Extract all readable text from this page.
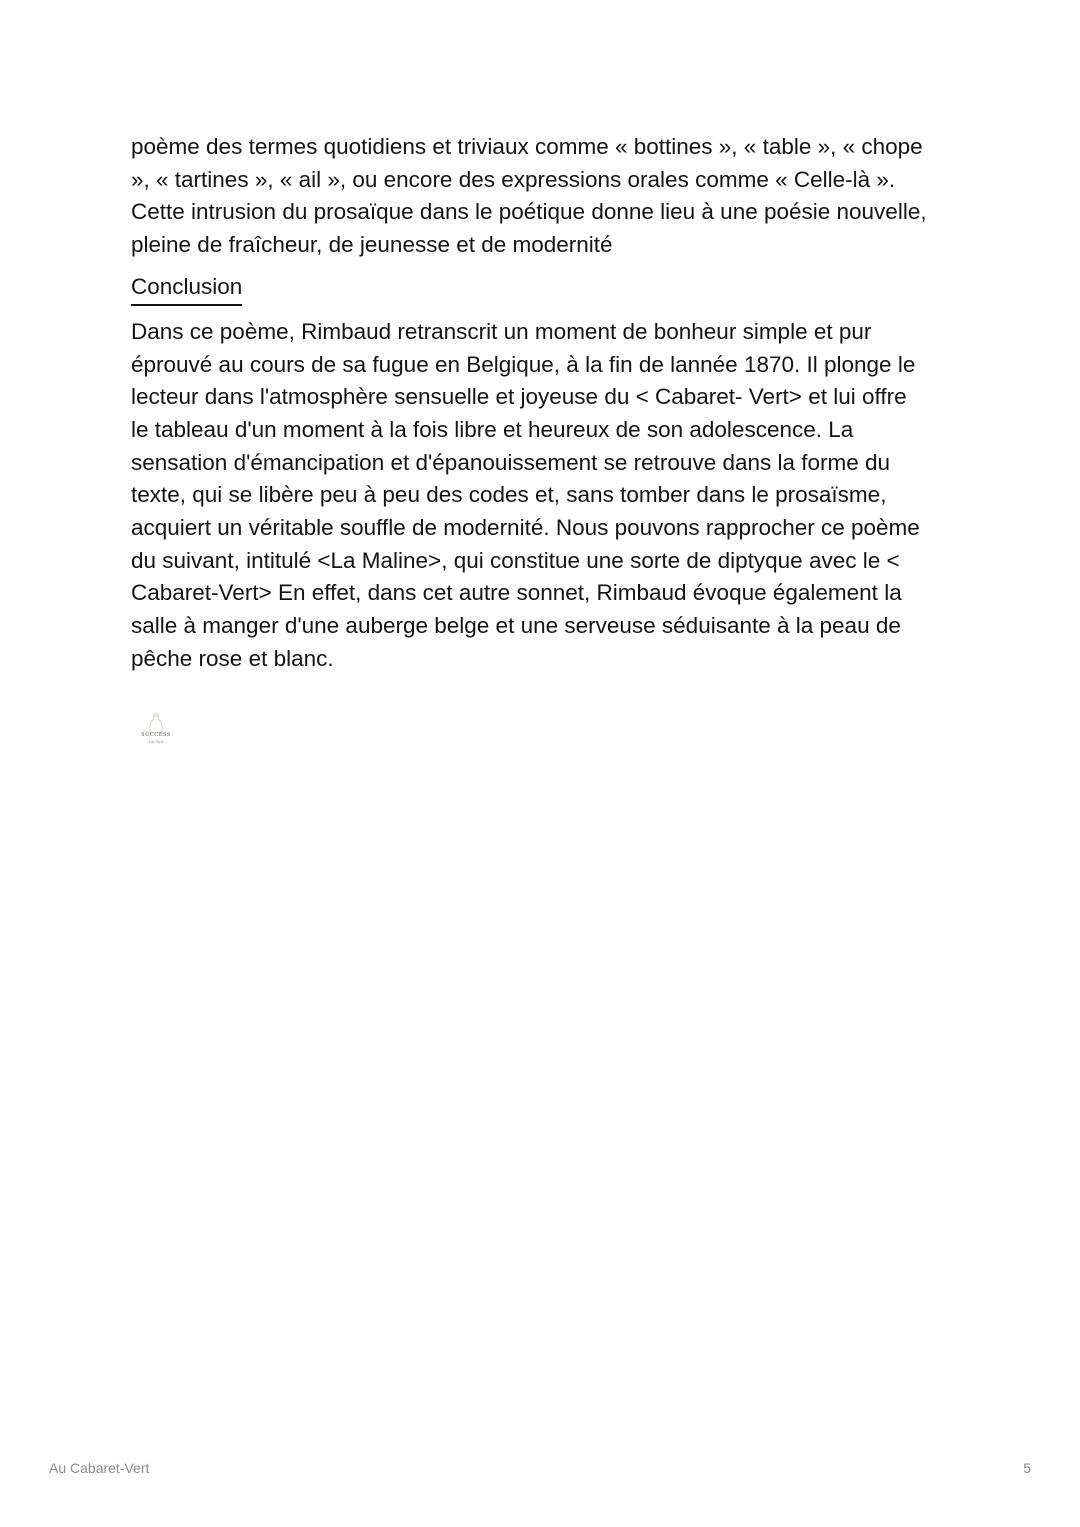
poème des termes quotidiens et triviaux comme « bottines », « table », « chope
», « tartines », « ail », ou encore des expressions orales comme « Celle-là ».
Cette intrusion du prosaïque dans le poétique donne lieu à une poésie nouvelle,
pleine de fraîcheur, de jeunesse et de modernité

Conclusion

Dans ce poème, Rimbaud retranscrit un moment de bonheur simple et pur
éprouvé au cours de sa fugue en Belgique, à la fin de lannée 1870. Il plonge le
lecteur dans l'atmosphère sensuelle et joyeuse du < Cabaret- Vert> et lui offre
le tableau d'un moment à la fois libre et heureux de son adolescence. La
sensation d'émancipation et d'épanouissement se retrouve dans la forme du
texte, qui se libère peu à peu des codes et, sans tomber dans le prosaïsme,
acquiert un véritable souffle de modernité. Nous pouvons rapprocher ce poème
du suivant, intitulé <La Maline>, qui constitue une sorte de diptyque avec le <
Cabaret-Vert> En effet, dans cet autre sonnet, Rimbaud évoque également la
salle à manger d'une auberge belge et une serveuse séduisante à la peau de
pêche rose et blanc.

SUCCESS
Life Style
Au Cabaret-Vert	5
